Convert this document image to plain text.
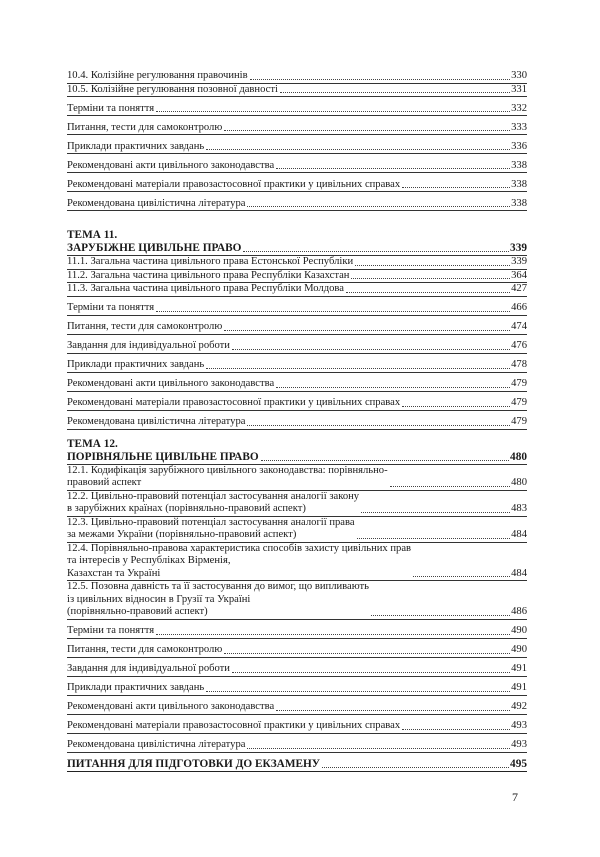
10.4. Колізійне регулювання правочинів	330
10.5. Колізійне регулювання позовної давності	331
Терміни та поняття	332
Питання, тести для самоконтролю	333
Приклади практичних завдань	336
Рекомендовані акти цивільного законодавства	338
Рекомендовані матеріали правозастосовної практики у цивільних справах	338
Рекомендована цивілістична література	338
ТЕМА 11.
ЗАРУБІЖНЕ ЦИВІЛЬНЕ ПРАВО	339
11.1. Загальна частина цивільного права Естонської Республіки	339
11.2. Загальна частина цивільного права Республіки Казахстан	364
11.3. Загальна частина цивільного права Республіки Молдова	427
Терміни та поняття	466
Питання, тести для самоконтролю	474
Завдання для індивідуальної роботи	476
Приклади практичних завдань	478
Рекомендовані акти цивільного законодавства	479
Рекомендовані матеріали правозастосовної практики у цивільних справах	479
Рекомендована цивілістична література	479
ТЕМА 12.
ПОРІВНЯЛЬНЕ ЦИВІЛЬНЕ ПРАВО	480
12.1. Кодифікація зарубіжного цивільного законодавства: порівняльно-
правовий аспект	480
12.2. Цивільно-правовий потенціал застосування аналогії закону
в зарубіжних країнах (порівняльно-правовий аспект)	483
12.3. Цивільно-правовий потенціал застосування аналогії права
за межами України (порівняльно-правовий аспект)	484
12.4. Порівняльно-правова характеристика способів захисту цивільних прав
та інтересів у Республіках Вірменія,
Казахстан та Україні	484
12.5. Позовна давність та її застосування до вимог, що випливають
із цивільних відносин в Грузії та Україні
(порівняльно-правовий аспект)	486
Терміни та поняття	490
Питання, тести для самоконтролю	490
Завдання для індивідуальної роботи	491
Приклади практичних завдань	491
Рекомендовані акти цивільного законодавства	492
Рекомендовані матеріали правозастосовної практики у цивільних справах	493
Рекомендована цивілістична література	493
ПИТАННЯ ДЛЯ ПІДГОТОВКИ ДО ЕКЗАМЕНУ	495
7
